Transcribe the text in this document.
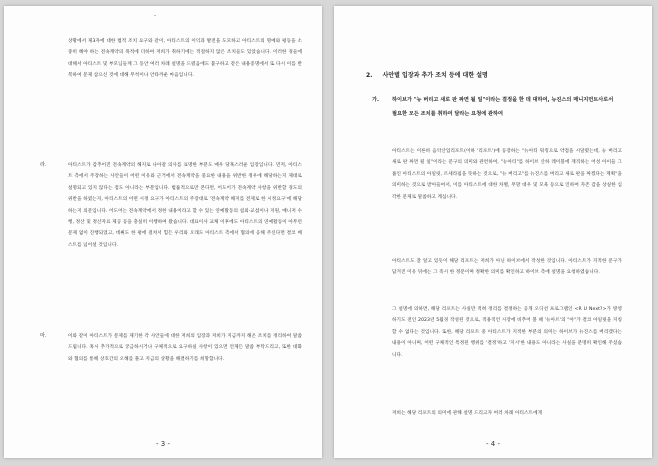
-
상황에서 제3자에 대한 법적 조치 요구와 같이, 아티스트의 이익과 발전을 도모하고 아티스트의 명예와 평등을 소중히 해야 하는 전속계약의 목적에 더하여 저희가 취하기에는 적절하지 않은 조치들도 있었습니다. 이러한 경들에 대해서 아티스트 및 부모님들께 그 동안 여러 차례 설명을 드렸음에도 불구하고 같은 내용증명에서 또 다시 이를 반복하여 문제 삼으신 것에 대해 무척이나 안타까운 마음입니다.
라.	아티스트가 감추어진 전속계약의 해지로 나아갈 의사를 표명한 부분도 매우 당혹스러운 입장입니다. 먼저, 아티스트 측에서 주장하는 사안들이 어떤 이유와 근거에서 전속계약을 중요한 내용을 위반한 정우에 해당하는지 제대로 설명되고 있지 않다는 점도 아니라는 부분입니다. 법률적으로만 본다면, 어도어가 전속계약 사항을 위반할 경도의 위반을 하였는지, 아티스트의 어떤 시정 요구가 아티스트의 주장대로 '전속계약 해지를 전제로 한 시정요구'에 해당하는지 의문입니다. 어도어는 전속계약에서 정한 내용이라고 할 수 있는 연예활동의 섭외·교섭이나 지원, 매니저 수행, 정산 및 정산자료 제공 등을 충실히 이행하여 왔습니다. 대표이사 교체 이후에도 아티스트의 연예활동이 아무런 문제 없이 진행되었고, 데뷔도 한 평에 걸쳐서 힘든 우리와 오래도 아티스트 측에서 협의에 응해 주신다면 결코 베스트를 넘어설 것입니다.
마.	이와 같이 아티스트가 문제를 제기한 각 사안들에 대한 저희의 입장과 저희가 지금까지 해온 조치를 정리하여 말씀 드립니다. 혹시 추가적으로 궁금하시거나 구체적으로 요구하실 사항이 있으면 언제든 말씀 부탁드리고, 또한 대화와 협의를 통해 상호간의 오해를 풀고 지금의 상황을 해결하기를 희망합니다.
- 3 -
2. 사안별 입장과 추가 조치 등에 대한 설명
가.	하이브가 "뉴 버리고 새로 판 짜면 될 일"이라는 결정을 한 데 대하여, 뉴진스의 매니지먼트사로서 필요한 모든 조치를 취하여 달라는 요청에 관하여
아티스트는 이른바 음악산업리포트(이하 '리포트')에 등장하는 "뉴아티 워킹으로 약점을 시달렸는데, 뉴 버리고 새로 판 짜면 될 일"이라는 문구의 의미와 관련하여, "뉴아티"를 하이브 산하 레이블에 재직하는 어성 아이들 그룹인 아티스트의 아일릿, 르세라핌을 뜻하는 것으로, "뉴 버리고"를 뉴진스를 버리고 새로 판을 짜겠다는 계획"을 의미하는 것으로 받아들여서, 이를 아티스트에 대한 차별, 무망 대우 및 모욕 등으로 인하여 자존 감을 상실한 심각한 문제로 말씀하고 계십니다.
아티스트도 잘 알고 있듯이 해당 리포트는 저희가 아닌 하이브에서 작성한 것입니다. 아티스트가 지적한 문구가 담겨진 이유 뒤에는 그 즉시 한 정문이며 정확한 의미를 확인하고 하이브 측에 설명을 요청하였습니다.
그 설명에 의하면, 해당 리포트는 사실만 적혀 정리를 결정하는 공개 오디션 프로그램인 <R U Next?>가 방영하기도 전인 2023년 5월경 작성된 것으로, 적용직언 시장에 비추어 볼 때 '뉴아르'의 "아"가 결코 아일릿을 지칭할 수 없다는 것입니다. 또한, 해당 리포트 중 아티스트가 지적한 부분의 의미는 하이브가 뉴진스를 버리겠다는 내용이 아니며, 어떤 구체적인 특정된 행위를 '결정'하고 '지시'한 내용도 아니라는 사실을 분명히 확인해 주셨습니다.
저희는 해당 리포트의 의미에 관해 설명 드리고자 여러 차례 아티스트에게
- 4 -
